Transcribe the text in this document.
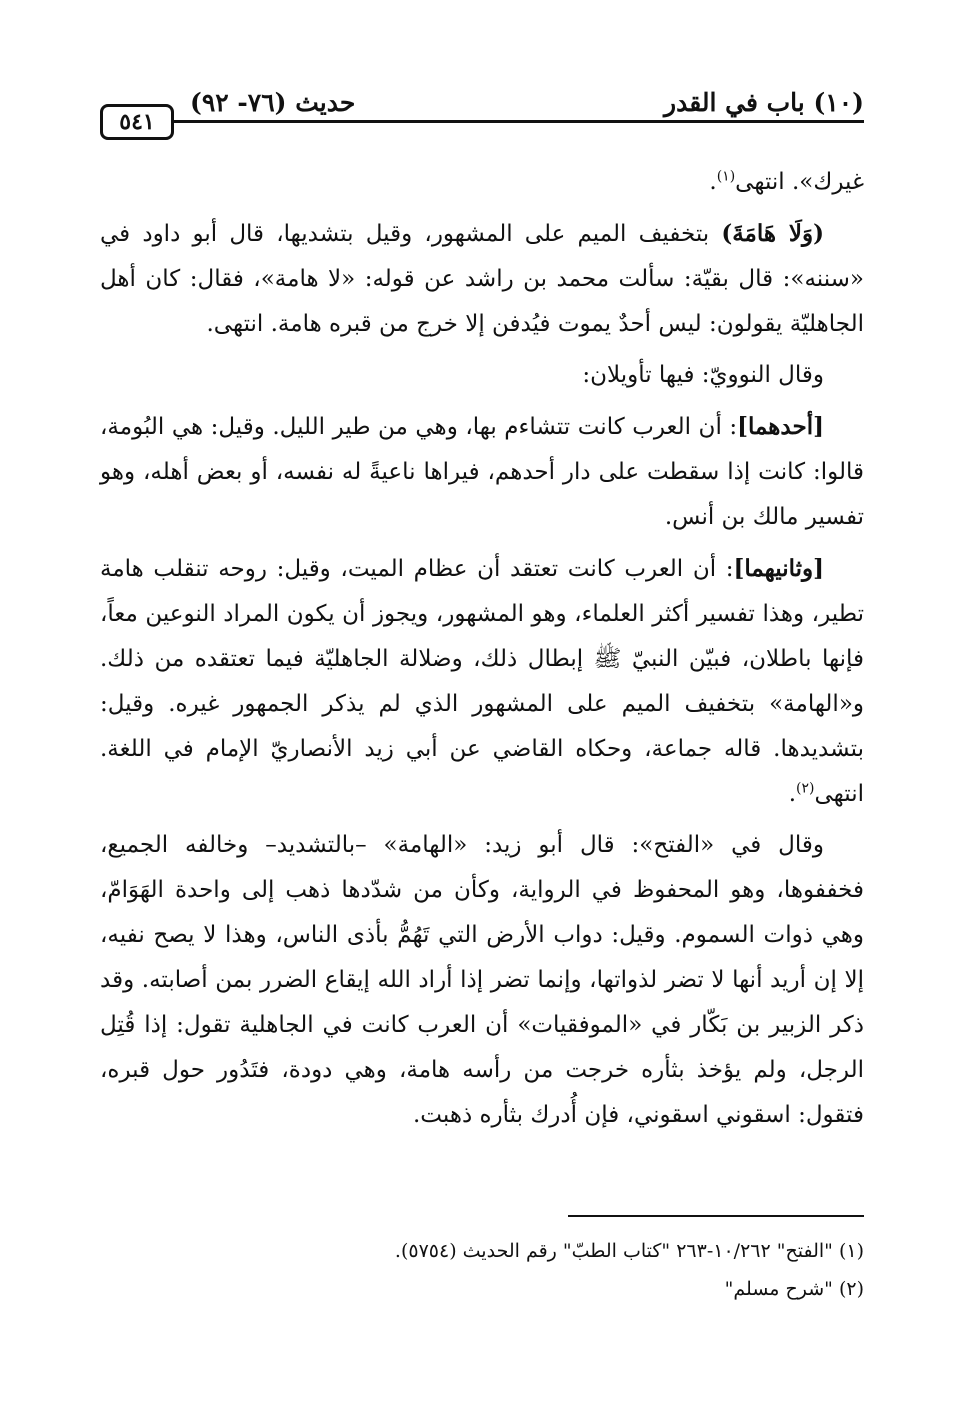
(١٠) باب في القدر
حديث (٧٦- ٩٢)
٥٤١

غيرك». انتهى$^{(١)}$.

(وَلَا هَامَةَ) بتخفيف الميم على المشهور، وقيل بتشديها، قال أبو داود في «سننه»: قال بقيّة: سألت محمد بن راشد عن قوله: «لا هامة»، فقال: كان أهل الجاهليّة يقولون: ليس أحدٌ يموت فيُدفن إلا خرج من قبره هامة. انتهى.

وقال النوويّ: فيها تأويلان:

[أحدهما]: أن العرب كانت تتشاءم بها، وهي من طير الليل. وقيل: هي البُومة، قالوا: كانت إذا سقطت على دار أحدهم، فيراها ناعيةً له نفسه، أو بعض أهله، وهو تفسير مالك بن أنس.

[وثانيهما]: أن العرب كانت تعتقد أن عظام الميت، وقيل: روحه تنقلب هامة تطير، وهذا تفسير أكثر العلماء، وهو المشهور، ويجوز أن يكون المراد النوعين معاً، فإنها باطلان، فبيّن النبيّ ﷺ إبطال ذلك، وضلالة الجاهليّة فيما تعتقده من ذلك. و«الهامة» بتخفيف الميم على المشهور الذي لم يذكر الجمهور غيره. وقيل: بتشديدها. قاله جماعة، وحكاه القاضي عن أبي زيد الأنصاريّ الإمام في اللغة. انتهى$^{(٢)}$.

وقال في «الفتح»: قال أبو زيد: «الهامة» –بالتشديد– وخالفه الجميع، فخففوها، وهو المحفوظ في الرواية، وكأن من شدّدها ذهب إلى واحدة الهَوَامّ، وهي ذوات السموم. وقيل: دواب الأرض التي تَهُمُّ بأذى الناس، وهذا لا يصح نفيه، إلا إن أريد أنها لا تضر لذواتها، وإنما تضر إذا أراد الله إيقاع الضرر بمن أصابته. وقد ذكر الزبير بن بَكّار في «الموفقيات» أن العرب كانت في الجاهلية تقول: إذا قُتِل الرجل، ولم يؤخذ بثأره خرجت من رأسه هامة، وهي دودة، فتَدُور حول قبره، فتقول: اسقوني اسقوني، فإن أُدرك بثأره ذهبت.

(١) "الفتح" ١٠/٢٦٢-٢٦٣ "كتاب الطبّ" رقم الحديث (٥٧٥٤).
(٢) "شرح مسلم"
